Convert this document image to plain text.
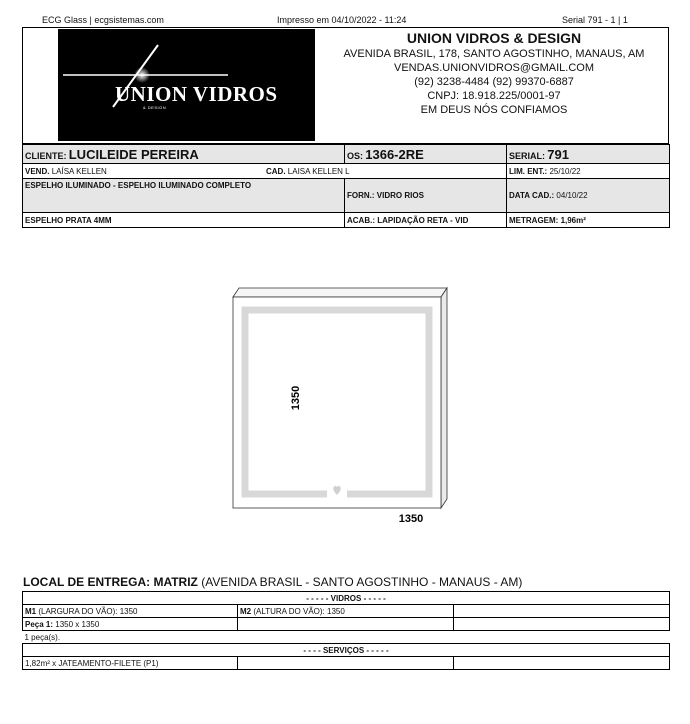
ECG Glass | ecgsistemas.com	Impresso em 04/10/2022 - 11:24	Serial 791 - 1 | 1
UNION VIDROS
& DESIGN
UNION VIDROS & DESIGN
AVENIDA BRASIL, 178, SANTO AGOSTINHO, MANAUS, AM
VENDAS.UNIONVIDROS@GMAIL.COM
(92) 3238-4484 (92) 99370-6887
CNPJ: 18.918.225/0001-97
EM DEUS NÓS CONFIAMOS
CLIENTE: LUCILEIDE PEREIRA	OS: 1366-2RE	SERIAL: 791
VEND. LAÍSA KELLEN CAD. LAISA KELLEN L		LIM. ENT.: 25/10/22
ESPELHO ILUMINADO - ESPELHO ILUMINADO COMPLETO	FORN.: VIDRO RIOS	DATA CAD.: 04/10/22
ESPELHO PRATA 4MM	ACAB.: LAPIDAÇÃO RETA - VID	METRAGEM: 1,96m²
1350
1350
LOCAL DE ENTREGA: MATRIZ (AVENIDA BRASIL - SANTO AGOSTINHO - MANAUS - AM)
- - - - - VIDROS - - - - -		
M1 (LARGURA DO VÃO): 1350	M2 (ALTURA DO VÃO): 1350	
Peça 1: 1350 x 1350		
1 peça(s).		
- - - - SERVIÇOS - - - - -		
1,82m² x JATEAMENTO-FILETE (P1)		
